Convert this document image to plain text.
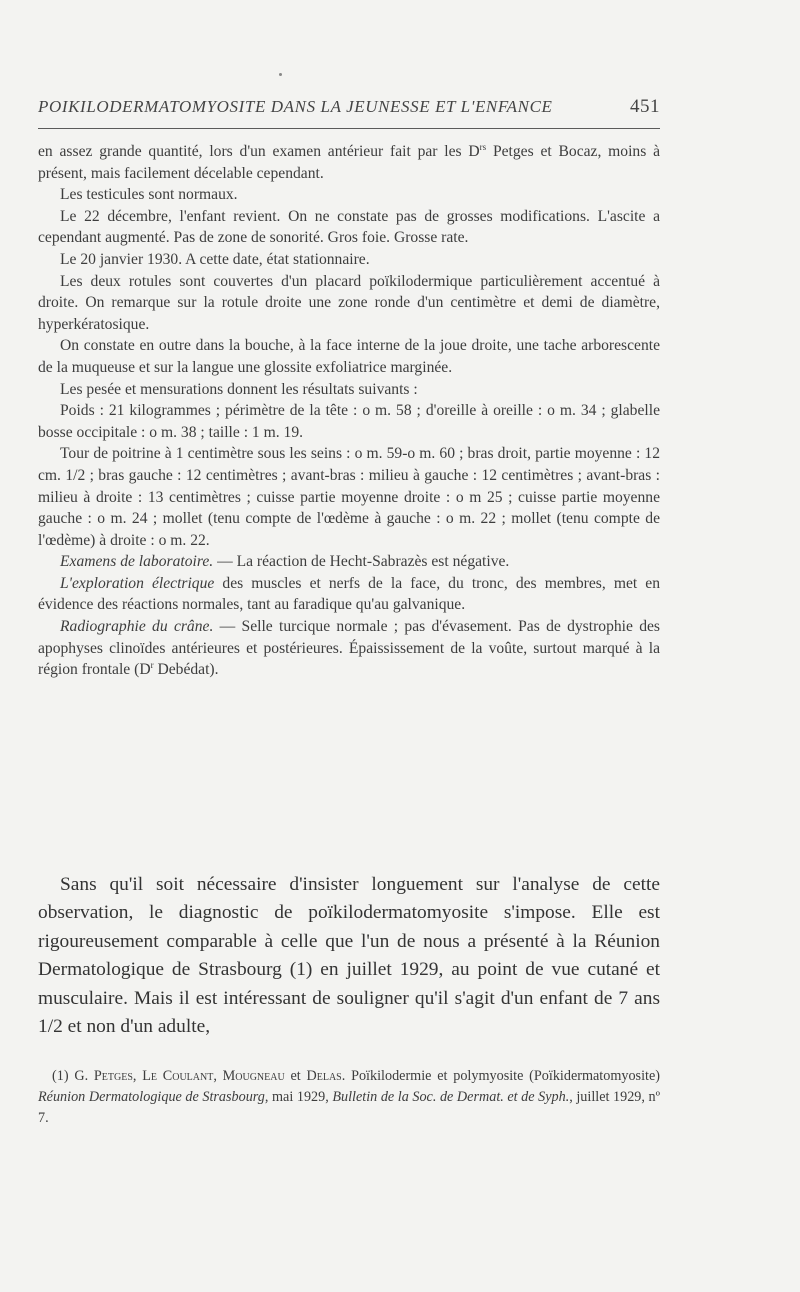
POIKILODERMATOMYOSITE DANS LA JEUNESSE ET L'ENFANCE	451

en assez grande quantité, lors d'un examen antérieur fait par les $D^{rs}$ Petges et Bocaz, moins à présent, mais facilement décelable cependant.

Les testicules sont normaux.

Le 22 décembre, l'enfant revient. On ne constate pas de grosses modifications. L'ascite a cependant augmenté. Pas de zone de sonorité. Gros foie. Grosse rate.

Le 20 janvier 1930. A cette date, état stationnaire.

Les deux rotules sont couvertes d'un placard poïkilodermique particulièrement accentué à droite. On remarque sur la rotule droite une zone ronde d'un centimètre et demi de diamètre, hyperkératosique.

On constate en outre dans la bouche, à la face interne de la joue droite, une tache arborescente de la muqueuse et sur la langue une glossite exfoliatrice marginée.

Les pesée et mensurations donnent les résultats suivants :

Poids : 21 kilogrammes ; périmètre de la tête : o m. 58 ; d'oreille à oreille : o m. 34 ; glabelle bosse occipitale : o m. 38 ; taille : 1 m. 19.

Tour de poitrine à 1 centimètre sous les seins : o m. 59-o m. 60 ; bras droit, partie moyenne : 12 cm. 1/2 ; bras gauche : 12 centimètres ; avant-bras : milieu à gauche : 12 centimètres ; avant-bras : milieu à droite : 13 centimètres ; cuisse partie moyenne droite : o m 25 ; cuisse partie moyenne gauche : o m. 24 ; mollet (tenu compte de l'œdème à gauche : o m. 22 ; mollet (tenu compte de l'œdème) à droite : o m. 22.

Examens de laboratoire. — La réaction de Hecht-Sabrazès est négative.

L'exploration électrique des muscles et nerfs de la face, du tronc, des membres, met en évidence des réactions normales, tant au faradique qu'au galvanique.

Radiographie du crâne. — Selle turcique normale ; pas d'évasement. Pas de dystrophie des apophyses clinoïdes antérieures et postérieures. Épaississement de la voûte, surtout marqué à la région frontale ($D^r$ Debédat).

Sans qu'il soit nécessaire d'insister longuement sur l'analyse de cette observation, le diagnostic de poïkilodermatomyosite s'impose. Elle est rigoureusement comparable à celle que l'un de nous a présenté à la Réunion Dermatologique de Strasbourg (1) en juillet 1929, au point de vue cutané et musculaire. Mais il est intéressant de souligner qu'il s'agit d'un enfant de 7 ans 1/2 et non d'un adulte,

(1) G. Petges, Le Coulant, Mougneau et Delas. Poïkilodermie et polymyosite (Poïkidermatomyosite) Réunion Dermatologique de Strasbourg, mai 1929, Bulletin de la Soc. de Dermat. et de Syph., juillet 1929, nº 7.
